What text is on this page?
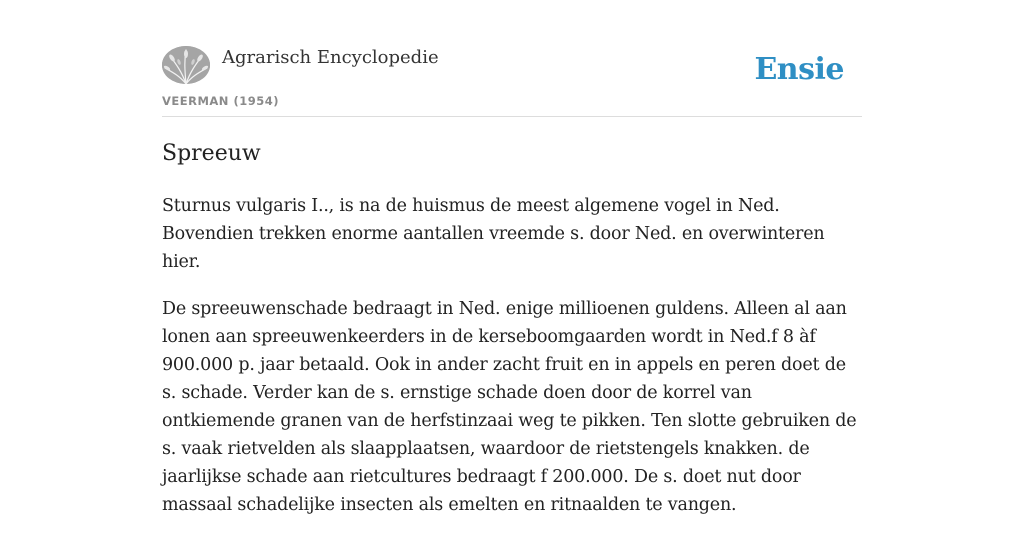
Agrarisch Encyclopedie
VEERMAN (1954)
Ensie
Spreeuw

Sturnus vulgaris I.., is na de huismus de meest algemene vogel in Ned. Bovendien trekken enorme aantallen vreemde s. door Ned. en overwinteren hier.

De spreeuwenschade bedraagt in Ned. enige millioenen guldens. Alleen al aan lonen aan spreeuwenkeerders in de kerseboomgaarden wordt in Ned.f 8 àf 900.000 p. jaar betaald. Ook in ander zacht fruit en in appels en peren doet de s. schade. Verder kan de s. ernstige schade doen door de korrel van ontkiemende granen van de herfstinzaai weg te pikken. Ten slotte gebruiken de s. vaak rietvelden als slaapplaatsen, waardoor de rietstengels knakken. de jaarlijkse schade aan rietcultures bedraagt f 200.000. De s. doet nut door massaal schadelijke insecten als emelten en ritnaalden te vangen.
